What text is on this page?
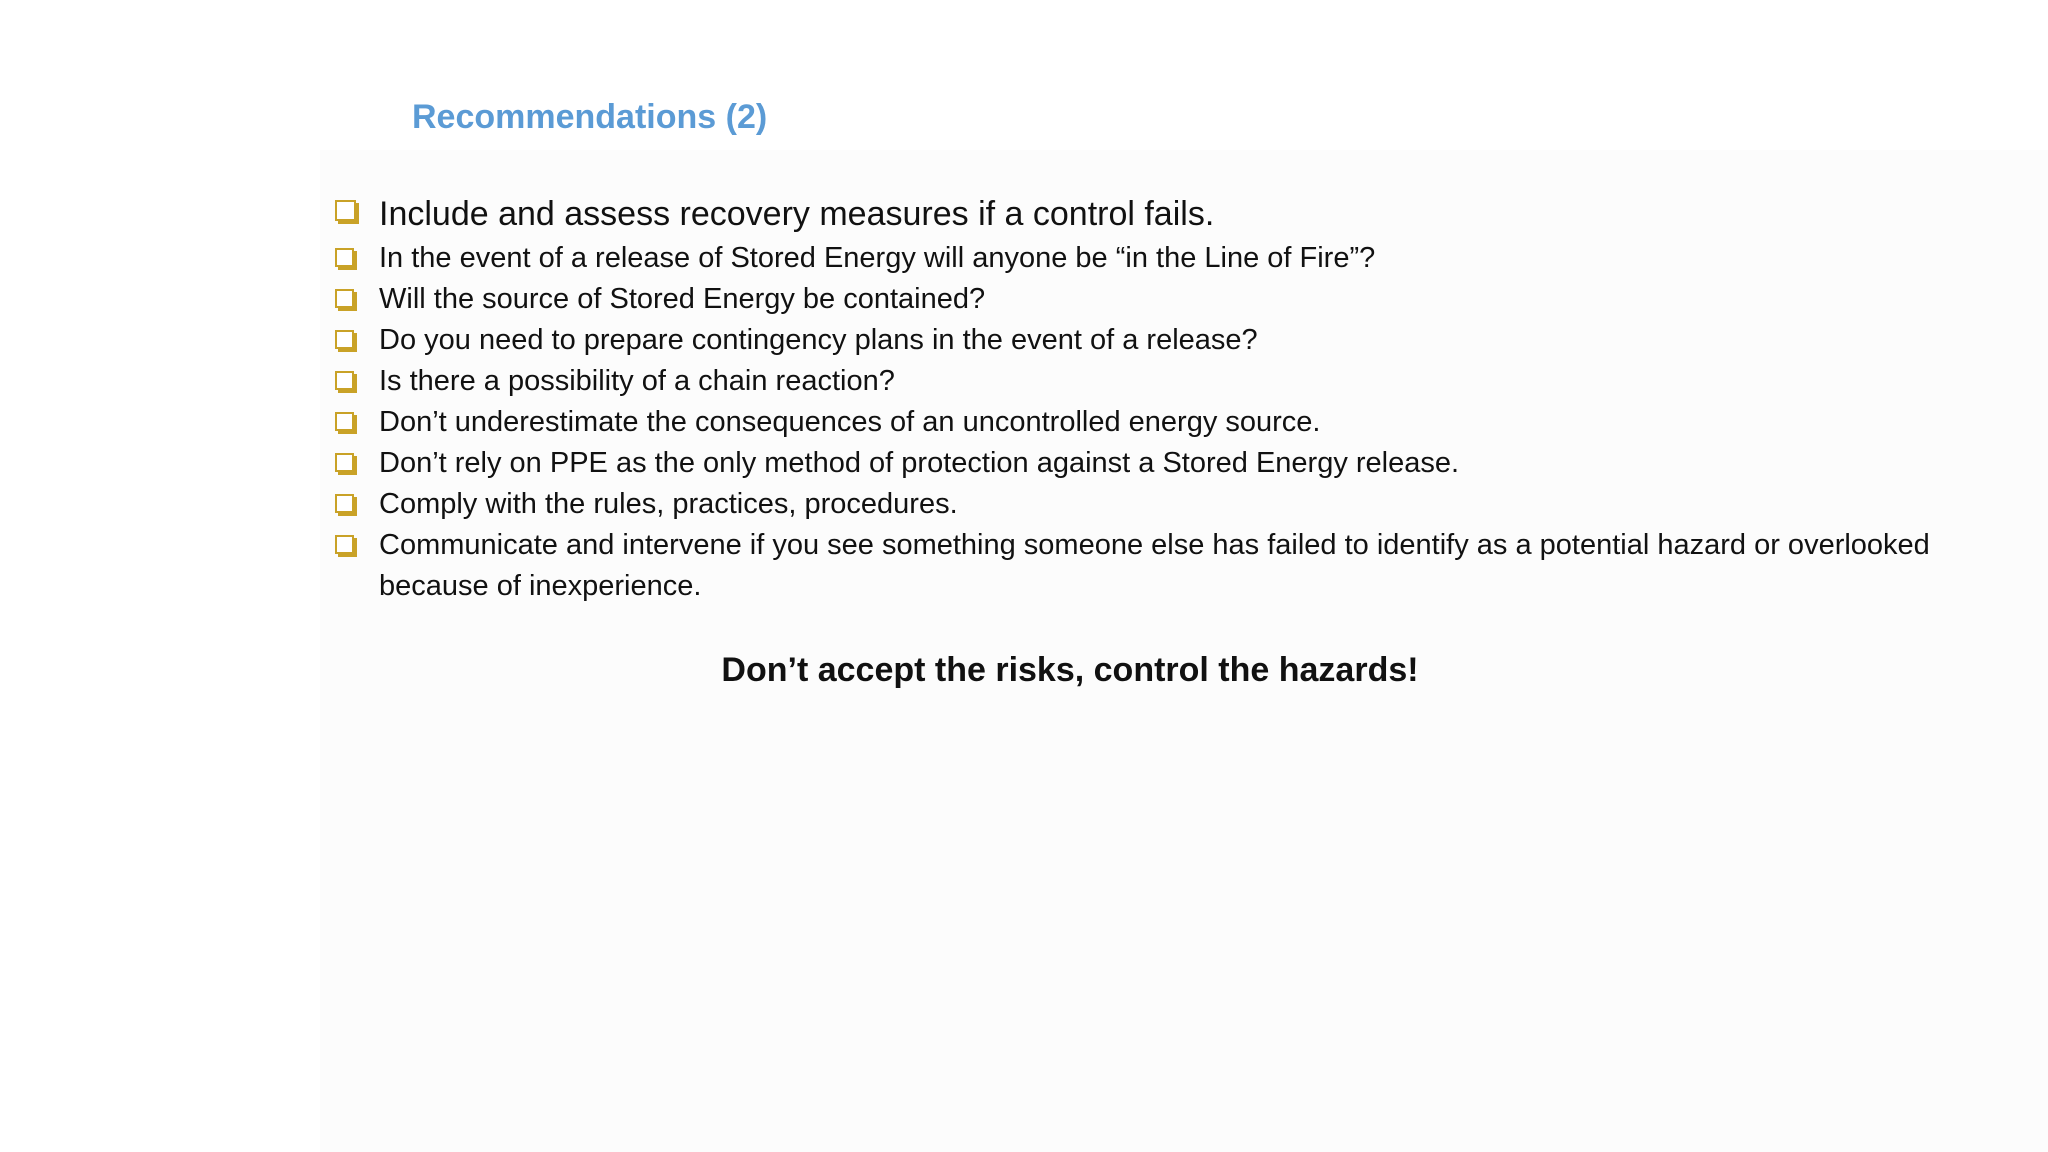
Recommendations (2)
Include and assess recovery measures if a control fails.
In the event of a release of Stored Energy will anyone be “in the Line of Fire”?
Will the source of Stored Energy be contained?
Do you need to prepare contingency plans in the event of a release?
Is there a possibility of a chain reaction?
Don’t underestimate the consequences of an uncontrolled energy source.
Don’t rely on PPE as the only method of protection against a Stored Energy release.
Comply with the rules, practices, procedures.
Communicate and intervene if you see something someone else has failed to identify as a potential hazard or overlooked because of inexperience.

Don’t accept the risks, control the hazards!
